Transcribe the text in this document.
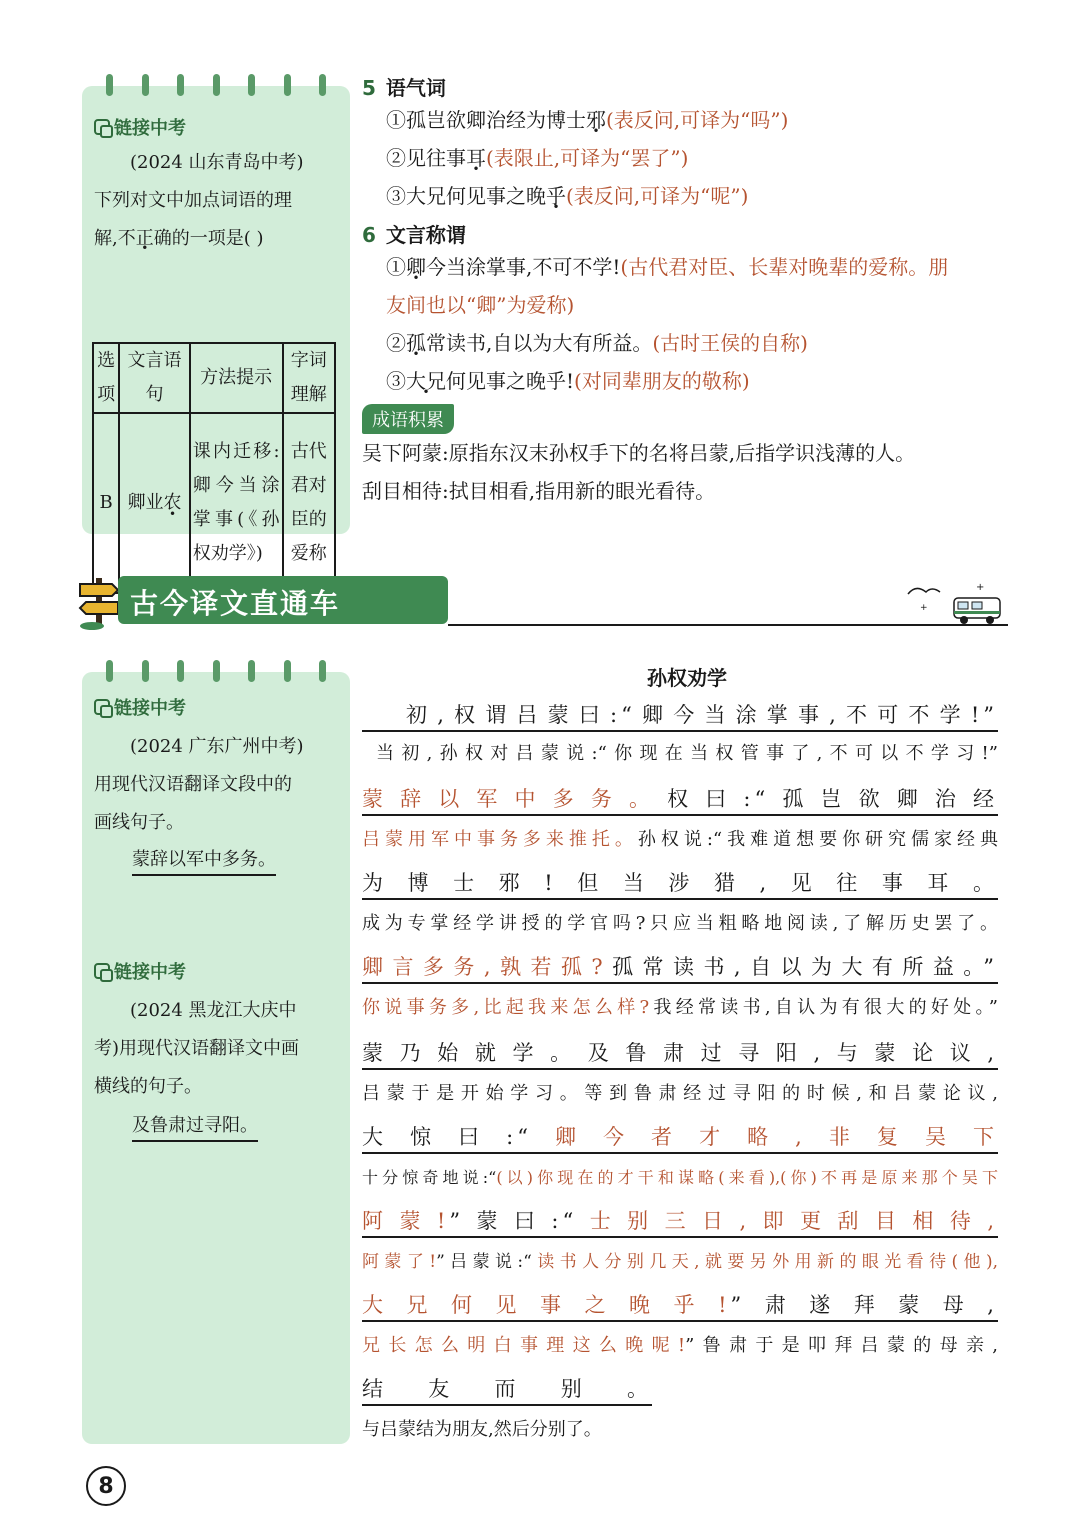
链接中考
(2024 山东青岛中考)
下列对文中加点词语的理
解,不正确的一项是( )
选项	文言语句	方法提示	字词理解
B	卿业农	课内迁移:卿今当涂掌事(《孙权劝学》)	古代君对臣的爱称
5 语气词
①孤岂欲卿治经为博士邪(表反问,可译为“吗”)
②见往事耳(表限止,可译为“罢了”)
③大兄何见事之晚乎(表反问,可译为“呢”)
6 文言称谓
①卿今当涂掌事,不可不学!(古代君对臣、长辈对晚辈的爱称。朋
友间也以“卿”为爱称)
②孤常读书,自以为大有所益。(古时王侯的自称)
③大兄何见事之晚乎!(对同辈朋友的敬称)
成语积累
吴下阿蒙:原指东汉末孙权手下的名将吕蒙,后指学识浅薄的人。
刮目相待:拭目相看,指用新的眼光看待。
古今译文直通车	+
+
链接中考
(2024 广东广州中考)
用现代汉语翻译文段中的
画线句子。
蒙辞以军中多务。
链接中考
(2024 黑龙江大庆中
考)用现代汉语翻译文中画
横线的句子。
及鲁肃过寻阳。
孙权劝学
初,权谓吕蒙曰:“卿今当涂掌事,不可不学!”
当初,孙权对吕蒙说:“你现在当权管事了,不可以不学习!”
蒙辞以军中多务。权曰:“孤岂欲卿治经
吕蒙用军中事务多来推托。孙权说:“我难道想要你研究儒家经典
为博士邪!但当涉猎,见往事耳。
成为专掌经学讲授的学官吗?只应当粗略地阅读,了解历史罢了。
卿言多务,孰若孤?孤常读书,自以为大有所益。”
你说事务多,比起我来怎么样?我经常读书,自认为有很大的好处。”
蒙乃始就学。及鲁肃过寻阳,与蒙论议,
吕蒙于是开始学习。等到鲁肃经过寻阳的时候,和吕蒙论议,
大惊曰:“卿今者才略,非复吴下
十分惊奇地说:“(以)你现在的才干和谋略(来看),(你)不再是原来那个吴下
阿蒙!”蒙曰:“士别三日,即更刮目相待,
阿蒙了!”吕蒙说:“读书人分别几天,就要另外用新的眼光看待(他),
大兄何见事之晚乎!”肃遂拜蒙母,
兄长怎么明白事理这么晚呢!”鲁肃于是叩拜吕蒙的母亲,
结友而别。
与吕蒙结为朋友,然后分别了。
8
